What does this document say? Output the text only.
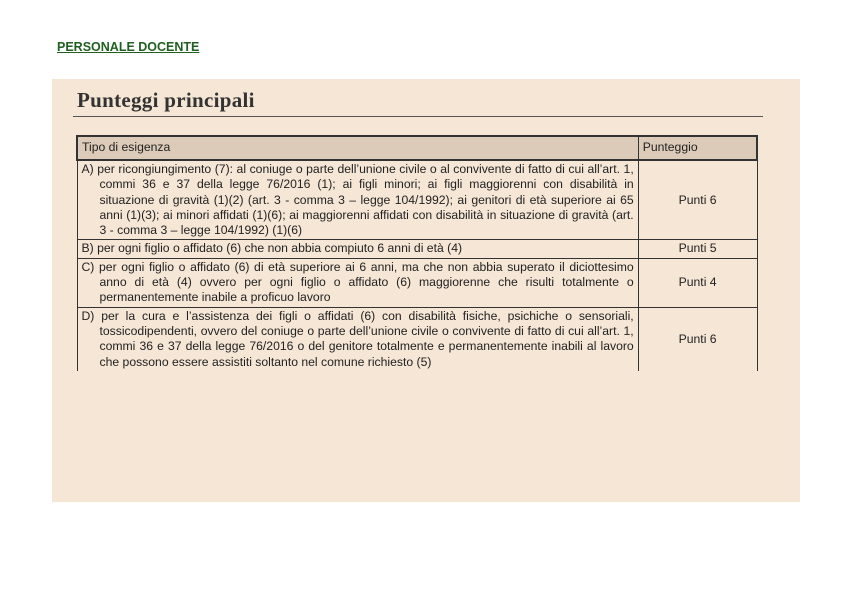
PERSONALE DOCENTE
Punteggi principali
Tipo di esigenza	Punteggio

A) per ricongiungimento (7): al coniuge o parte dell’unione civile o al convivente di fatto di cui all’art. 1, commi 36 e 37 della legge 76/2016 (1); ai figli minori; ai figli maggiorenni con disabilità in situazione di gravità (1)(2) (art. 3 - comma 3 – legge 104/1992); ai genitori di età superiore ai 65 anni (1)(3); ai minori affidati (1)(6); ai maggiorenni affidati con disabilità in situazione di gravità (art. 3 - comma 3 – legge 104/1992) (1)(6)	Punti 6

B) per ogni figlio o affidato (6) che non abbia compiuto 6 anni di età (4)	Punti 5

C) per ogni figlio o affidato (6) di età superiore ai 6 anni, ma che non abbia superato il diciottesimo anno di età (4) ovvero per ogni figlio o affidato (6) maggiorenne che risulti totalmente o permanentemente inabile a proficuo lavoro	Punti 4

D) per la cura e l’assistenza dei figli o affidati (6) con disabilità fisiche, psichiche o sensoriali, tossicodipendenti, ovvero del coniuge o parte dell’unione civile o convivente di fatto di cui all’art. 1, commi 36 e 37 della legge 76/2016 o del genitore totalmente e permanentemente inabili al lavoro che possono essere assistiti soltanto nel comune richiesto (5)	Punti 6
